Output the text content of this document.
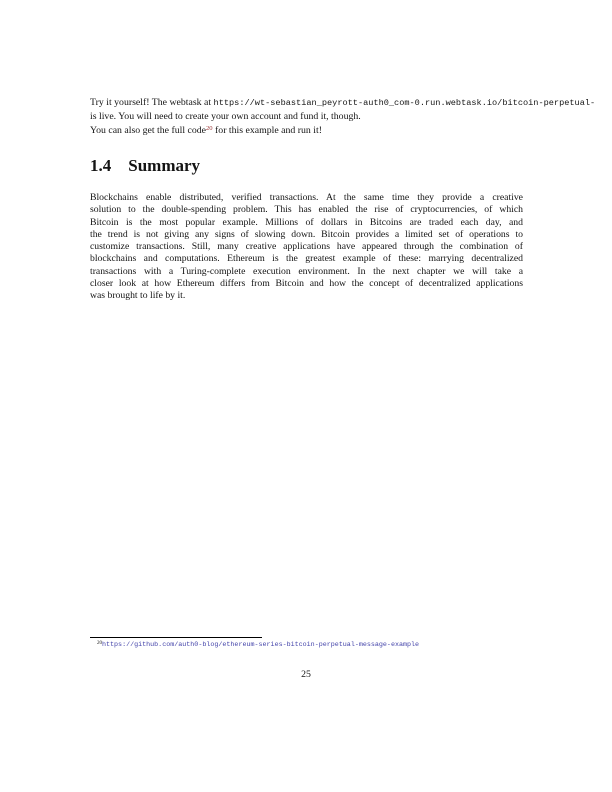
Try it yourself! The webtask at https://wt-sebastian_peyrott-auth0_com-0.run.webtask.io/bitcoin-perpetual-
is live. You will need to create your own account and fund it, though.
You can also get the full code$^{20}$ for this example and run it!
1.4 Summary
Blockchains enable distributed, verified transactions. At the same time they provide a creative
solution to the double-spending problem. This has enabled the rise of cryptocurrencies, of which
Bitcoin is the most popular example. Millions of dollars in Bitcoins are traded each day, and
the trend is not giving any signs of slowing down. Bitcoin provides a limited set of operations to
customize transactions. Still, many creative applications have appeared through the combination of
blockchains and computations. Ethereum is the greatest example of these: marrying decentralized
transactions with a Turing-complete execution environment. In the next chapter we will take a
closer look at how Ethereum differs from Bitcoin and how the concept of decentralized applications
was brought to life by it.
$^{20}$https://github.com/auth0-blog/ethereum-series-bitcoin-perpetual-message-example
25
